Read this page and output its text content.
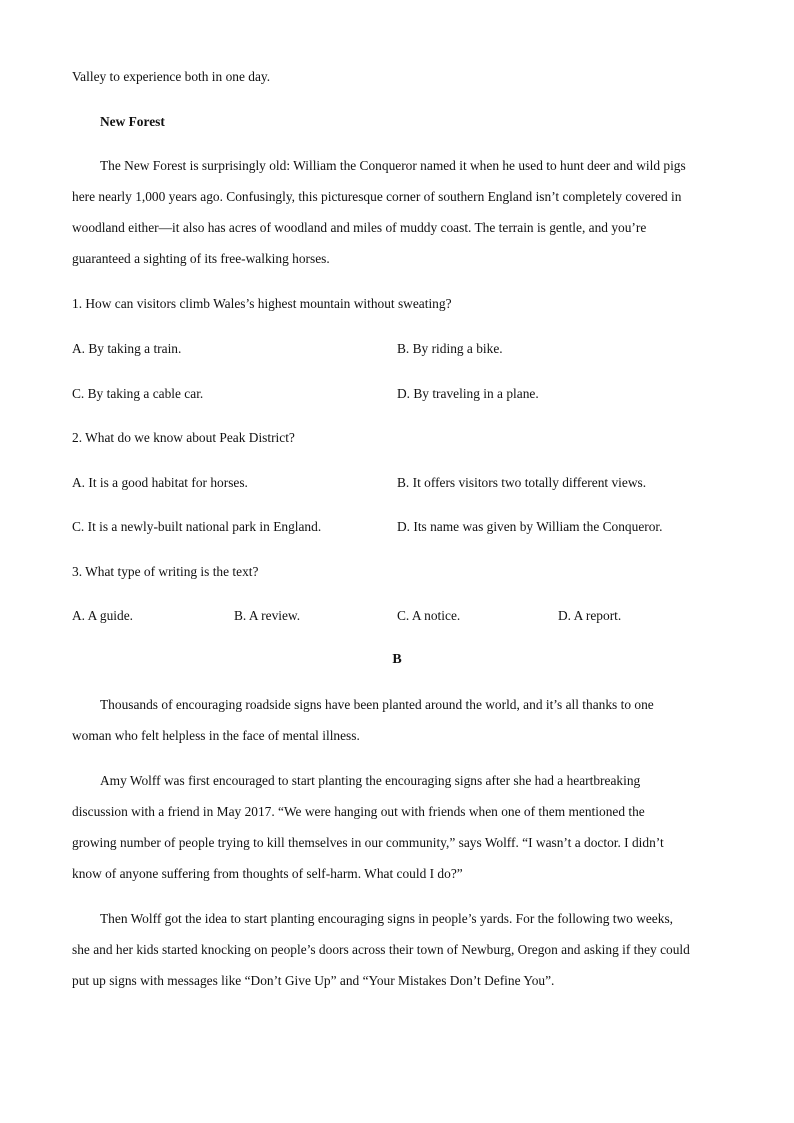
Valley to experience both in one day.
New Forest
The New Forest is surprisingly old: William the Conqueror named it when he used to hunt deer and wild pigs
here nearly 1,000 years ago. Confusingly, this picturesque corner of southern England isn’t completely covered in
woodland either—it also has acres of woodland and miles of muddy coast. The terrain is gentle, and you’re
guaranteed a sighting of its free-walking horses.
1. How can visitors climb Wales’s highest mountain without sweating?
A. By taking a train.	B. By riding a bike.
C. By taking a cable car.	D. By traveling in a plane.
2. What do we know about Peak District?
A. It is a good habitat for horses.	B. It offers visitors two totally different views.
C. It is a newly-built national park in England.	D. Its name was given by William the Conqueror.
3. What type of writing is the text?
A. A guide.	B. A review.	C. A notice.	D. A report.
B
Thousands of encouraging roadside signs have been planted around the world, and it’s all thanks to one
woman who felt helpless in the face of mental illness.
Amy Wolff was first encouraged to start planting the encouraging signs after she had a heartbreaking
discussion with a friend in May 2017. “We were hanging out with friends when one of them mentioned the
growing number of people trying to kill themselves in our community,” says Wolff. “I wasn’t a doctor. I didn’t
know of anyone suffering from thoughts of self-harm. What could I do?”
Then Wolff got the idea to start planting encouraging signs in people’s yards. For the following two weeks,
she and her kids started knocking on people’s doors across their town of Newburg, Oregon and asking if they could
put up signs with messages like “Don’t Give Up” and “Your Mistakes Don’t Define You”.
